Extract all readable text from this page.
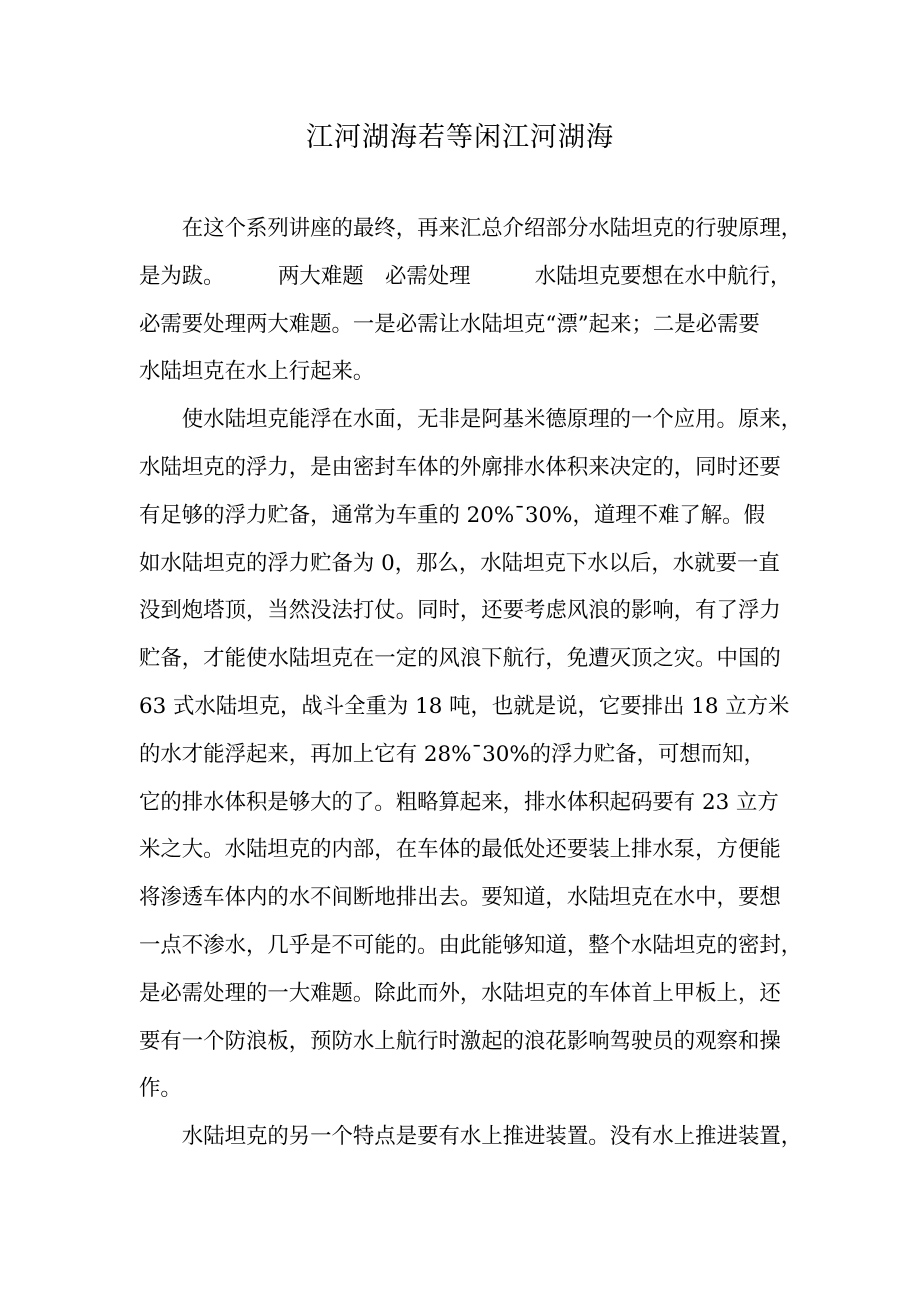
江河湖海若等闲江河湖海
　　在这个系列讲座的最终，再来汇总介绍部分水陆坦克的行驶原理，
是为跋。　　　两大难题　必需处理　　　水陆坦克要想在水中航行，
必需要处理两大难题。一是必需让水陆坦克“漂”起来；二是必需要
水陆坦克在水上行起来。
　　使水陆坦克能浮在水面，无非是阿基米德原理的一个应用。原来，
水陆坦克的浮力，是由密封车体的外廓排水体积来决定的，同时还要
有足够的浮力贮备，通常为车重的 20%¯30%，道理不难了解。假
如水陆坦克的浮力贮备为 0，那么，水陆坦克下水以后，水就要一直
没到炮塔顶，当然没法打仗。同时，还要考虑风浪的影响，有了浮力
贮备，才能使水陆坦克在一定的风浪下航行，免遭灭顶之灾。中国的
63 式水陆坦克，战斗全重为 18 吨，也就是说，它要排出 18 立方米
的水才能浮起来，再加上它有 28%¯30%的浮力贮备，可想而知，
它的排水体积是够大的了。粗略算起来，排水体积起码要有 23 立方
米之大。水陆坦克的内部，在车体的最低处还要装上排水泵，方便能
将渗透车体内的水不间断地排出去。要知道，水陆坦克在水中，要想
一点不渗水，几乎是不可能的。由此能够知道，整个水陆坦克的密封，
是必需处理的一大难题。除此而外，水陆坦克的车体首上甲板上，还
要有一个防浪板，预防水上航行时激起的浪花影响驾驶员的观察和操
作。
　　水陆坦克的另一个特点是要有水上推进装置。没有水上推进装置，
